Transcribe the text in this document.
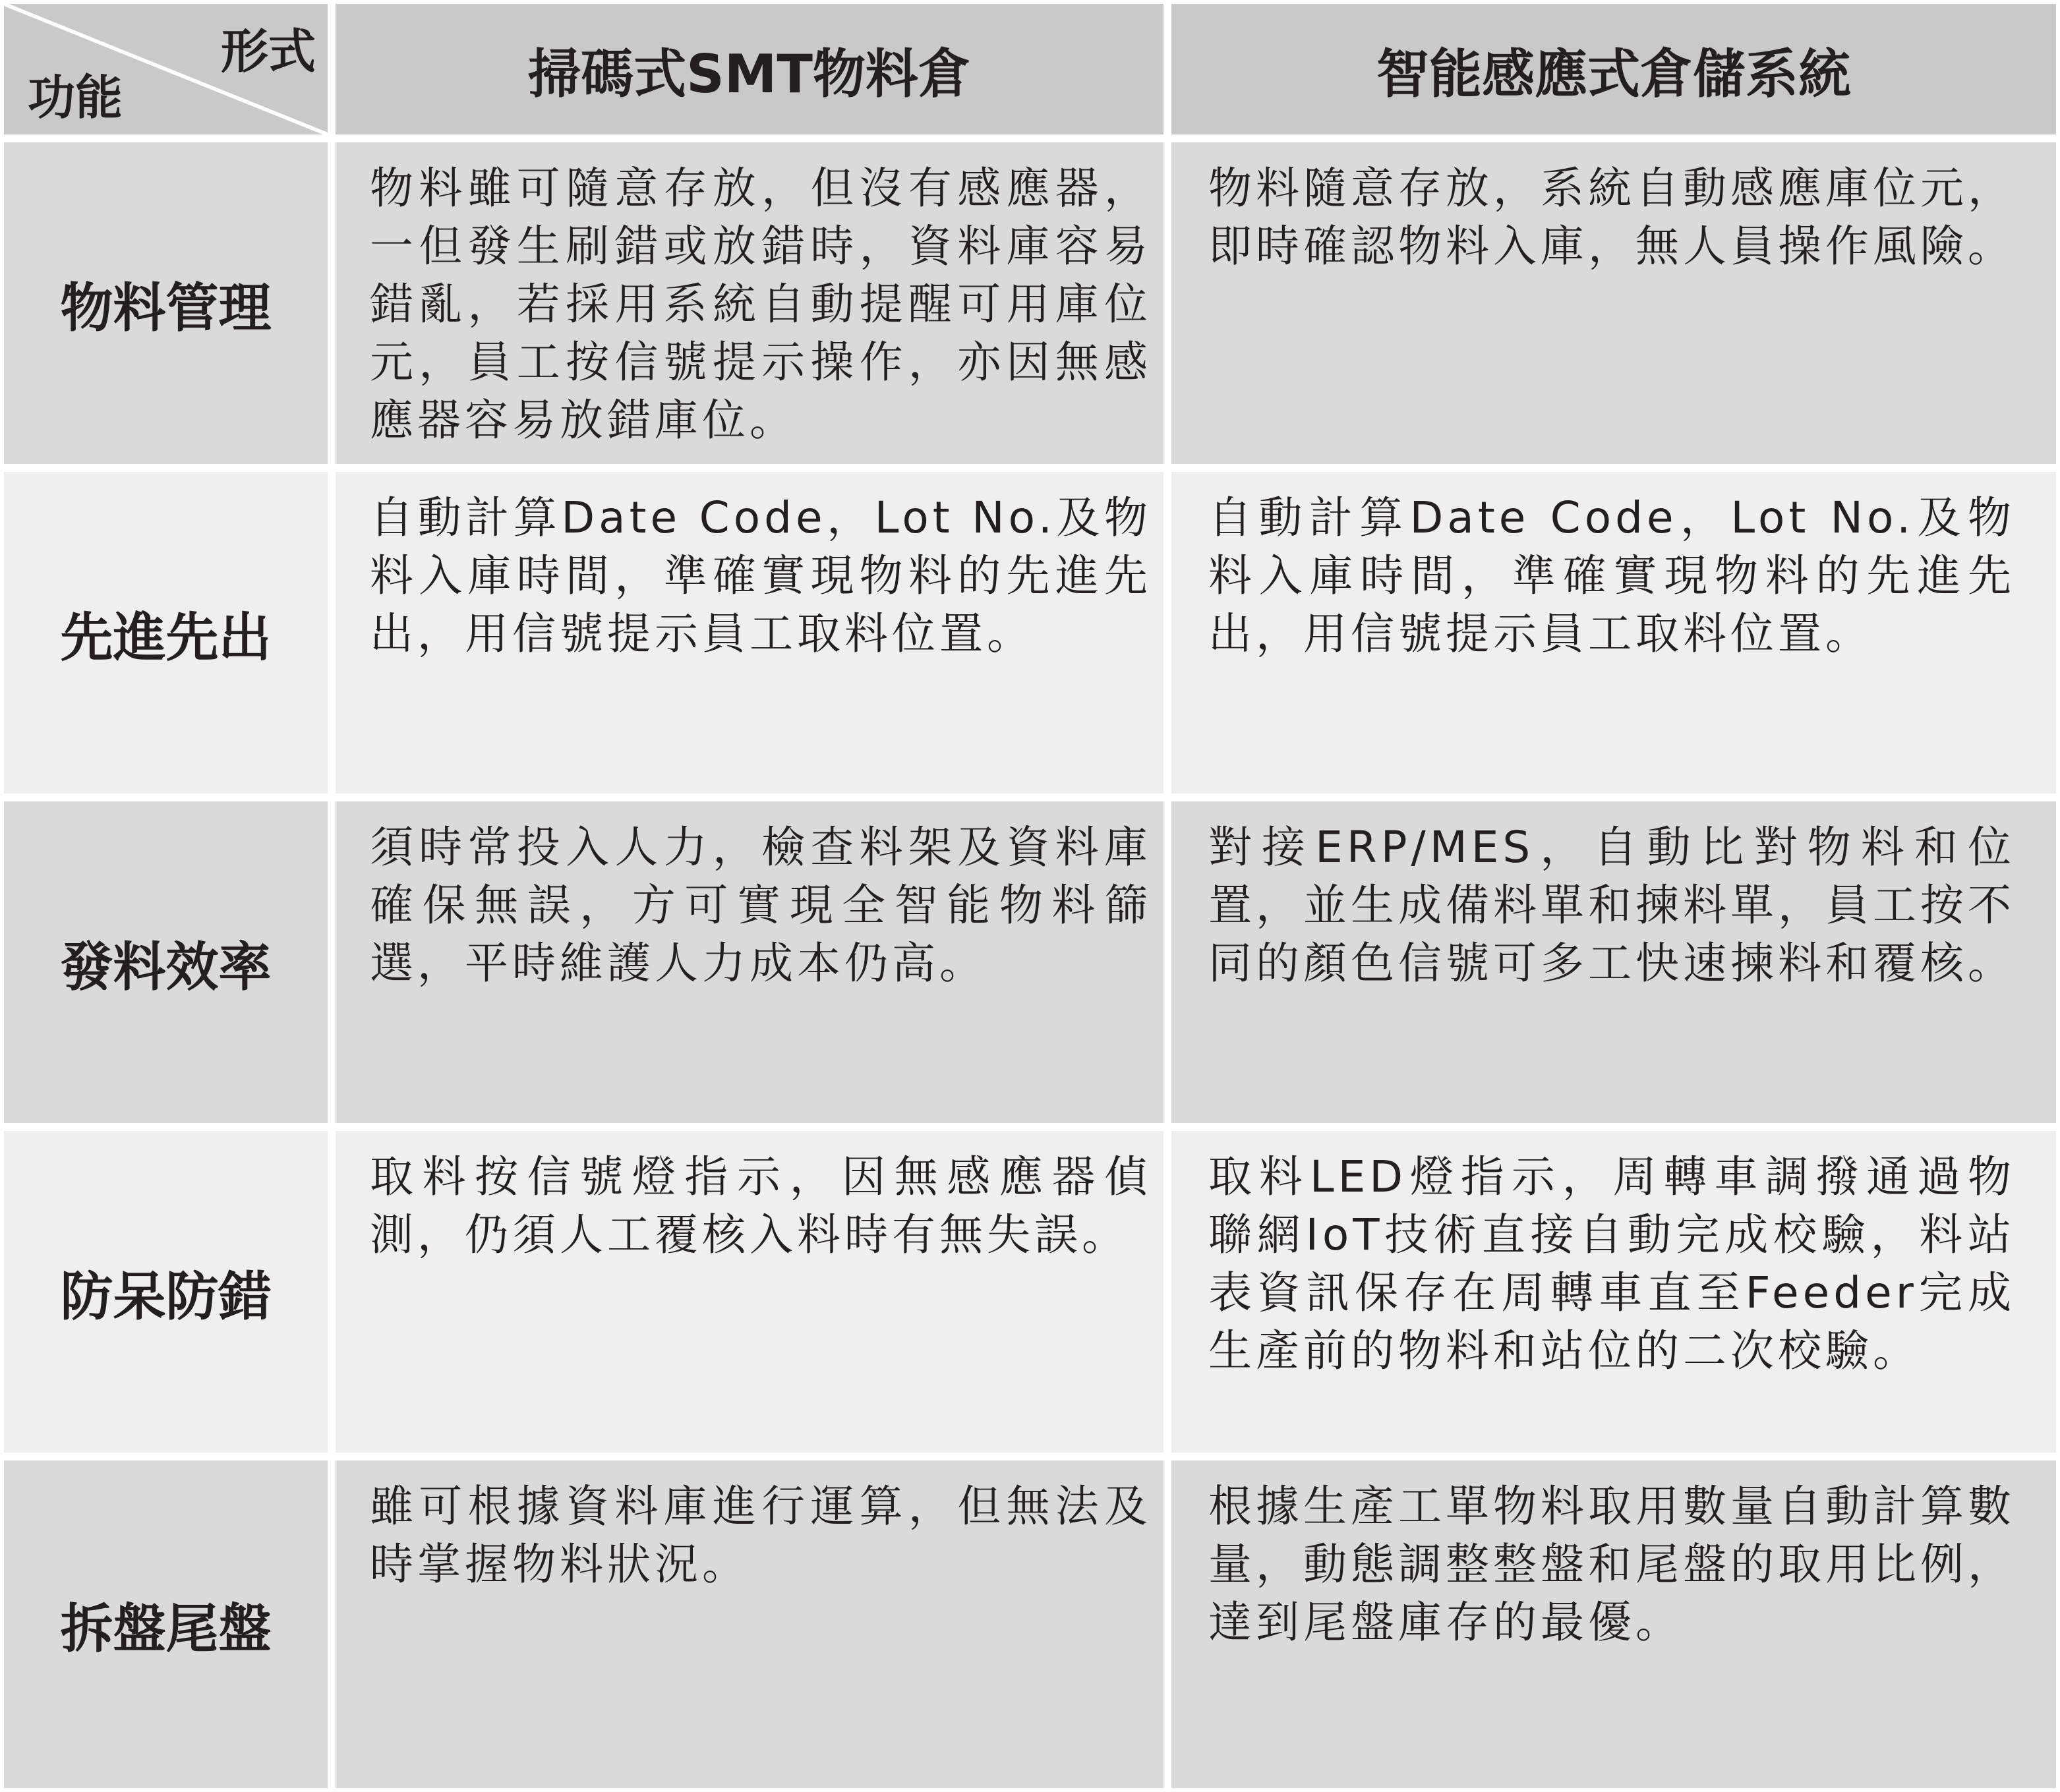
形式
功能	掃碼式SMT物料倉	智能感應式倉儲系統
物料管理
物料雖可隨意存放，但沒有感應器，一但發生刷錯或放錯時，資料庫容易錯亂，若採用系統自動提醒可用庫位元，員工按信號提示操作，亦因無感應器容易放錯庫位。
物料隨意存放，系統自動感應庫位元，即時確認物料入庫，無人員操作風險。
先進先出
自動計算Date Code，Lot No.及物料入庫時間，準確實現物料的先進先出，用信號提示員工取料位置。
自動計算Date Code，Lot No.及物料入庫時間，準確實現物料的先進先出，用信號提示員工取料位置。
發料效率
須時常投入人力，檢查料架及資料庫確保無誤，方可實現全智能物料篩選，平時維護人力成本仍高。
對接ERP/MES，自動比對物料和位置，並生成備料單和揀料單，員工按不同的顏色信號可多工快速揀料和覆核。
防呆防錯
取料按信號燈指示，因無感應器偵測，仍須人工覆核入料時有無失誤。
取料LED燈指示，周轉車調撥通過物聯網IoT技術直接自動完成校驗，料站表資訊保存在周轉車直至Feeder完成生產前的物料和站位的二次校驗。
拆盤尾盤
雖可根據資料庫進行運算，但無法及時掌握物料狀況。
根據生產工單物料取用數量自動計算數量，動態調整整盤和尾盤的取用比例，達到尾盤庫存的最優。
